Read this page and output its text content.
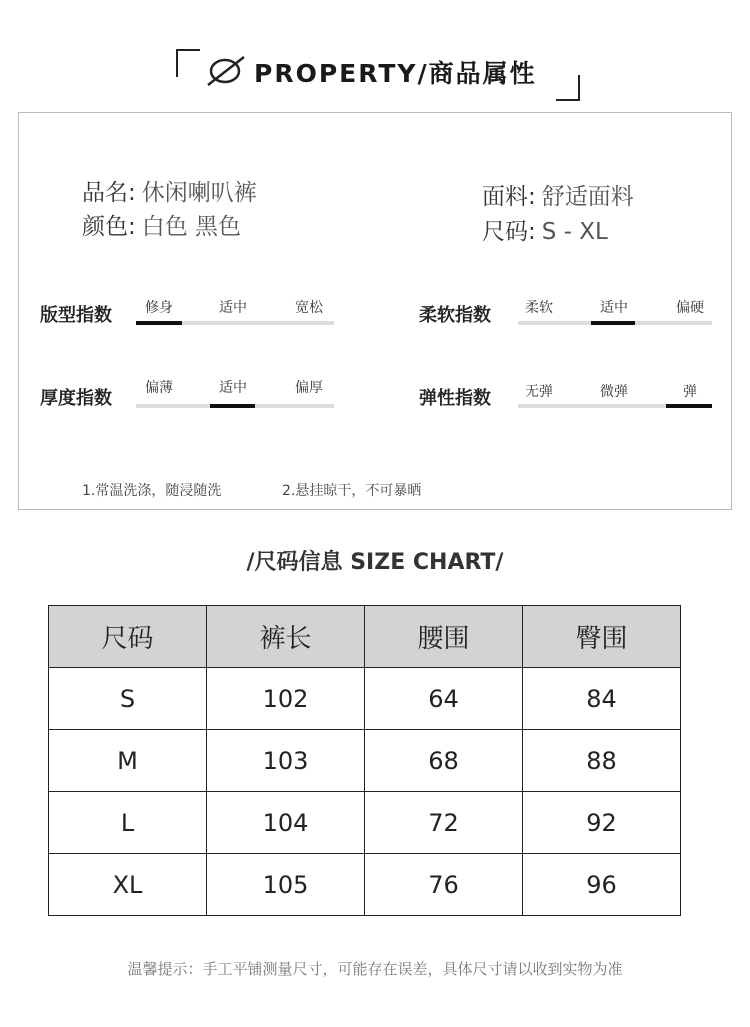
PROPERTY/商品属性
品名: 休闲喇叭裤
颜色: 白色 黑色
面料: 舒适面料
尺码: S - XL
版型指数	修身	适中	宽松	柔软指数	柔软	适中	偏硬
厚度指数	偏薄	适中	偏厚	弹性指数	无弹	微弹	弹
1.常温洗涤，随浸随洗	2.悬挂晾干，不可暴晒
/尺码信息 SIZE CHART/
尺码	裤长	腰围	臀围
S	102	64	84
M	103	68	88
L	104	72	92
XL	105	76	96
温馨提示：手工平铺测量尺寸，可能存在误差，具体尺寸请以收到实物为准
